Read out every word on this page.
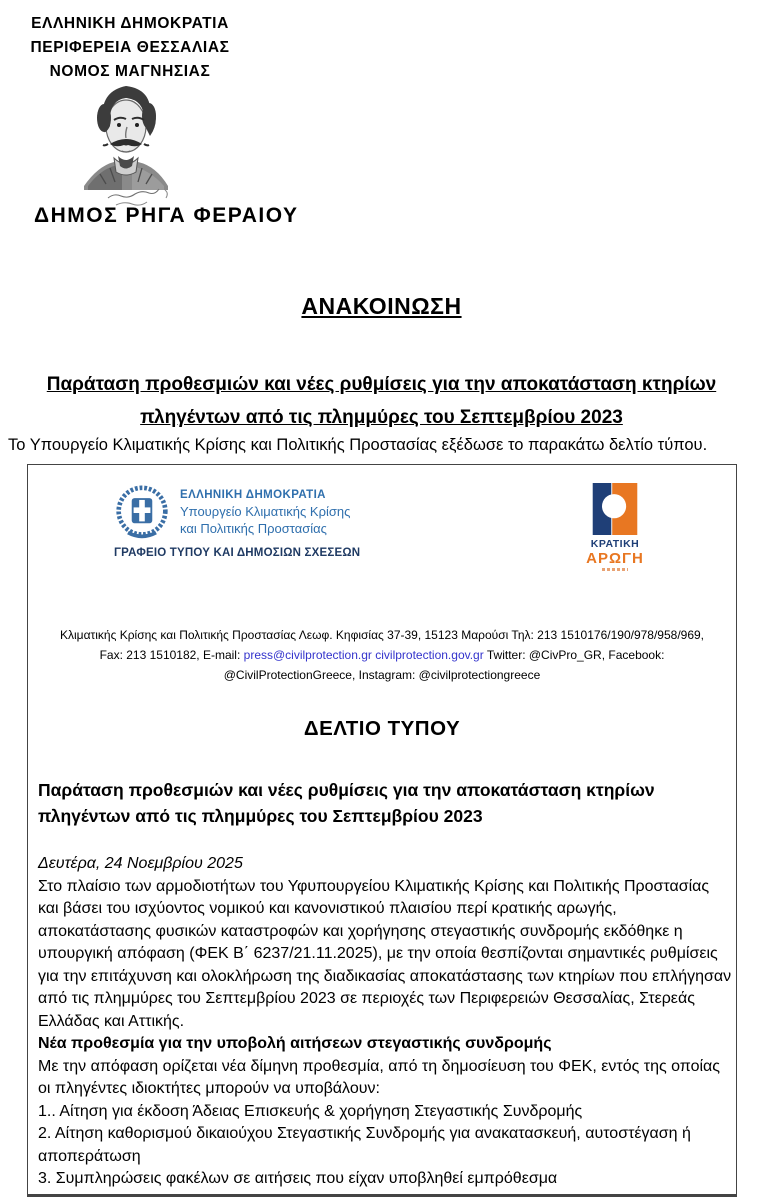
ΕΛΛΗΝΙΚΗ ΔΗΜΟΚΡΑΤΙΑ
ΠΕΡΙΦΕΡΕΙΑ ΘΕΣΣΑΛΙΑΣ
ΝΟΜΟΣ ΜΑΓΝΗΣΙΑΣ
ΔΗΜΟΣ ΡΗΓΑ ΦΕΡΑΙΟΥ
ΑΝΑΚΟΙΝΩΣΗ
Παράταση προθεσμιών και νέες ρυθμίσεις για την αποκατάσταση κτηρίων πληγέντων από τις πλημμύρες του Σεπτεμβρίου 2023

Το Υπουργείο Κλιματικής Κρίσης και Πολιτικής Προστασίας εξέδωσε το παρακάτω δελτίο τύπου.

ΕΛΛΗΝΙΚΗ ΔΗΜΟΚΡΑΤΙΑ
Υπουργείο Κλιματικής Κρίσης
και Πολιτικής Προστασίας
ΚΡΑΤΙΚΗ
ΑΡΩΓΗ
ΓΡΑΦΕΙΟ ΤΥΠΟΥ ΚΑΙ ΔΗΜΟΣΙΩΝ ΣΧΕΣΕΩΝ

Κλιματικής Κρίσης και Πολιτικής Προστασίας Λεωφ. Κηφισίας 37-39, 15123 Μαρούσι Τηλ: 213 1510176/190/978/958/969, Fax: 213 1510182, E-mail: press@civilprotection.gr civilprotection.gov.gr Twitter: @CivPro_GR, Facebook: @CivilProtectionGreece, Instagram: @civilprotectiongreece

ΔΕΛΤΙΟ ΤΥΠΟΥ
Παράταση προθεσμιών και νέες ρυθμίσεις για την αποκατάσταση κτηρίων πληγέντων από τις πλημμύρες του Σεπτεμβρίου 2023

Δευτέρα, 24 Νοεμβρίου 2025

Στο πλαίσιο των αρμοδιοτήτων του Υφυπουργείου Κλιματικής Κρίσης και Πολιτικής Προστασίας και βάσει του ισχύοντος νομικού και κανονιστικού πλαισίου περί κρατικής αρωγής, αποκατάστασης φυσικών καταστροφών και χορήγησης στεγαστικής συνδρομής εκδόθηκε η υπουργική απόφαση (ΦΕΚ Β΄ 6237/21.11.2025), με την οποία θεσπίζονται σημαντικές ρυθμίσεις για την επιτάχυνση και ολοκλήρωση της διαδικασίας αποκατάστασης των κτηρίων που επλήγησαν από τις πλημμύρες του Σεπτεμβρίου 2023 σε περιοχές των Περιφερειών Θεσσαλίας, Στερεάς Ελλάδας και Αττικής.

Νέα προθεσμία για την υποβολή αιτήσεων στεγαστικής συνδρομής

Με την απόφαση ορίζεται νέα δίμηνη προθεσμία, από τη δημοσίευση του ΦΕΚ, εντός της οποίας οι πληγέντες ιδιοκτήτες μπορούν να υποβάλουν:

1.. Αίτηση για έκδοση Άδειας Επισκευής & χορήγηση Στεγαστικής Συνδρομής

2. Αίτηση καθορισμού δικαιούχου Στεγαστικής Συνδρομής για ανακατασκευή, αυτοστέγαση ή αποπεράτωση

3. Συμπληρώσεις φακέλων σε αιτήσεις που είχαν υποβληθεί εμπρόθεσμα
